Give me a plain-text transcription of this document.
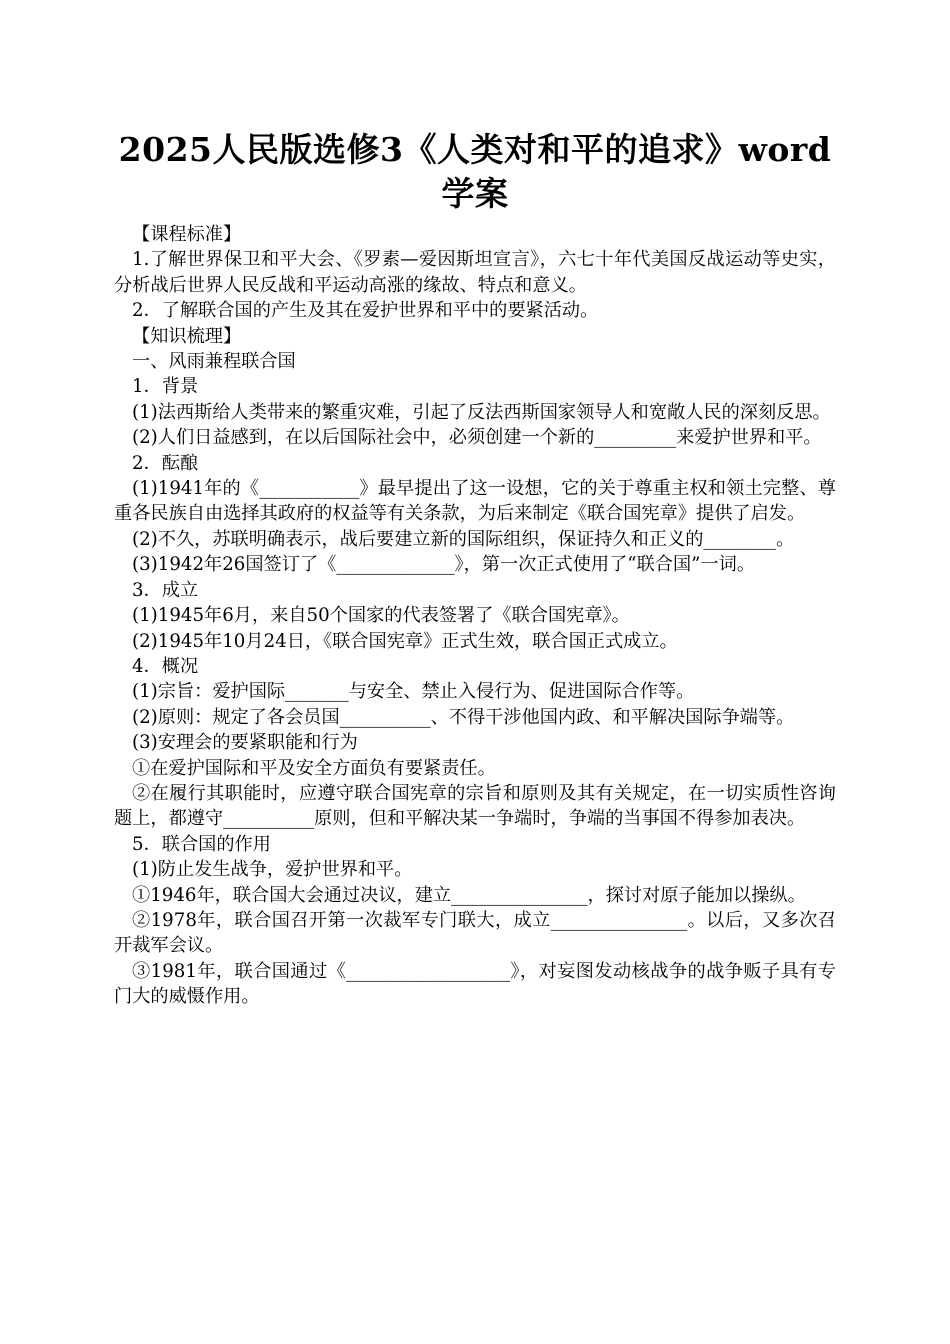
2025人民版选修3《人类对和平的追求》word学案

【课程标准】

1.了解世界保卫和平大会、《罗素—爱因斯坦宣言》，六七十年代美国反战运动等史实，分析战后世界人民反战和平运动高涨的缘故、特点和意义。

2．了解联合国的产生及其在爱护世界和平中的要紧活动。

【知识梳理】

一、风雨兼程联合国

1．背景

(1)法西斯给人类带来的繁重灾难，引起了反法西斯国家领导人和宽敞人民的深刻反思。

(2)人们日益感到，在以后国际社会中，必须创建一个新的_________来爱护世界和平。

2．酝酿

(1)1941年的《___________》最早提出了这一设想，它的关于尊重主权和领土完整、尊重各民族自由选择其政府的权益等有关条款，为后来制定《联合国宪章》提供了启发。

(2)不久，苏联明确表示，战后要建立新的国际组织，保证持久和正义的________。

(3)1942年26国签订了《_____________》，第一次正式使用了“联合国”一词。

3．成立

(1)1945年6月，来自50个国家的代表签署了《联合国宪章》。

(2)1945年10月24日，《联合国宪章》正式生效，联合国正式成立。

4．概况

(1)宗旨：爱护国际_______与安全、禁止入侵行为、促进国际合作等。

(2)原则：规定了各会员国__________、不得干涉他国内政、和平解决国际争端等。

(3)安理会的要紧职能和行为

①在爱护国际和平及安全方面负有要紧责任。

②在履行其职能时，应遵守联合国宪章的宗旨和原则及其有关规定，在一切实质性咨询题上，都遵守__________原则，但和平解决某一争端时，争端的当事国不得参加表决。

5．联合国的作用

(1)防止发生战争，爱护世界和平。

①1946年，联合国大会通过决议，建立_______________，探讨对原子能加以操纵。

②1978年，联合国召开第一次裁军专门联大，成立_______________。以后，又多次召开裁军会议。

③1981年，联合国通过《__________________》，对妄图发动核战争的战争贩子具有专门大的威慑作用。
